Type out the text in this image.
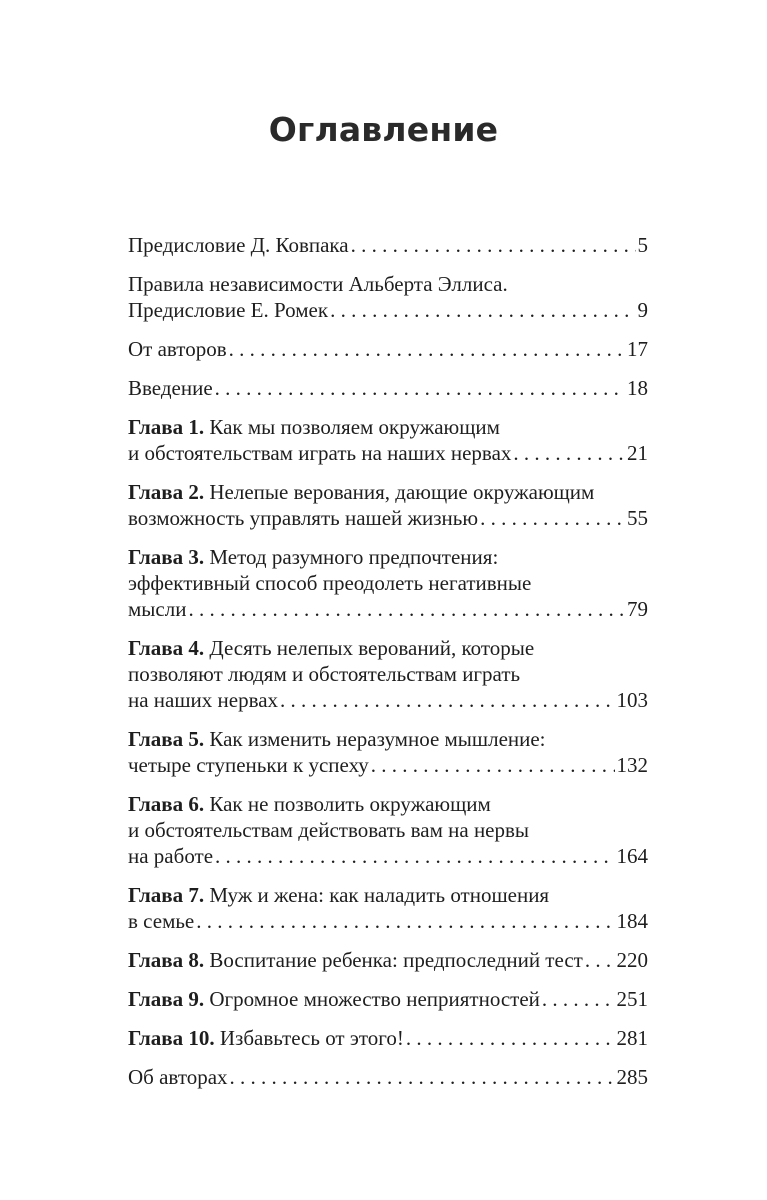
Оглавление
Предисловие Д. Ковпака . . .	5
Правила независимости Альберта Эллиса.
Предисловие Е. Ромек . . .	9
От авторов . . .	17
Введение . . .	18
Глава 1. Как мы позволяем окружающим
и обстоятельствам играть на наших нервах . . .	21
Глава 2. Нелепые верования, дающие окружающим
возможность управлять нашей жизнью . . .	55
Глава 3. Метод разумного предпочтения:
эффективный способ преодолеть негативные
мысли . . .	79
Глава 4. Десять нелепых верований, которые
позволяют людям и обстоятельствам играть
на наших нервах . . .	103
Глава 5. Как изменить неразумное мышление:
четыре ступеньки к успеху . . .	132
Глава 6. Как не позволить окружающим
и обстоятельствам действовать вам на нервы
на работе . . .	164
Глава 7. Муж и жена: как наладить отношения
в семье . . .	184
Глава 8. Воспитание ребенка: предпоследний тест . . . 220
Глава 9. Огромное множество неприятностей . . .	251
Глава 10. Избавьтесь от этого! . . .	281
Об авторах . . .	285
